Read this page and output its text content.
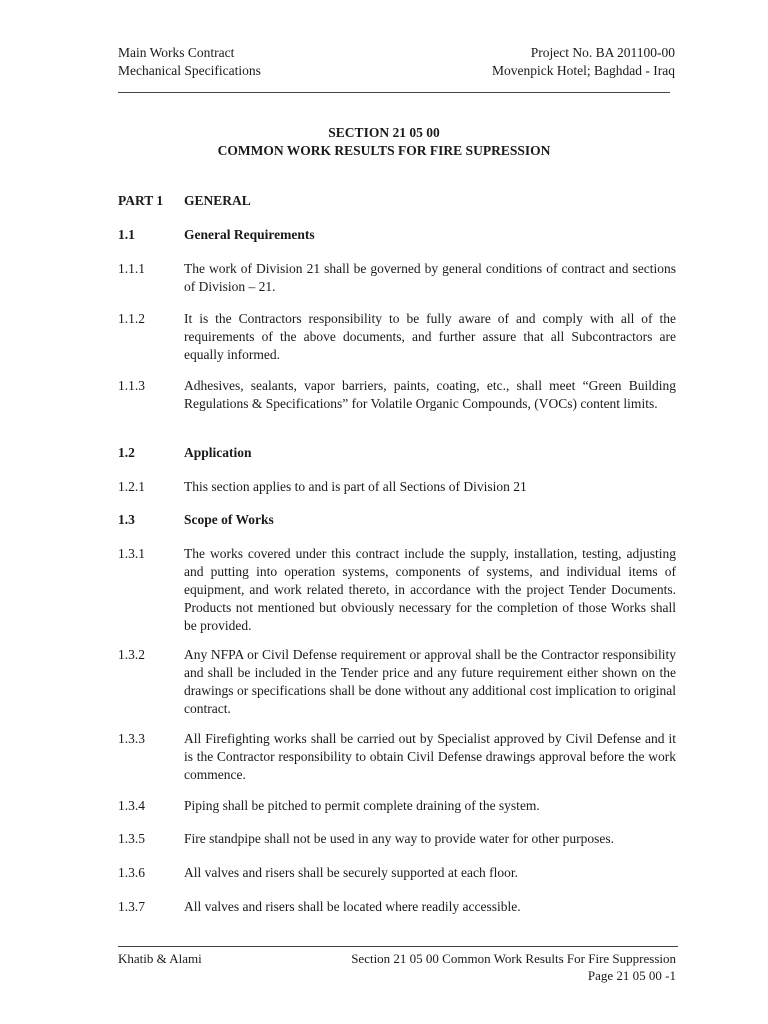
Main Works Contract
Mechanical Specifications
Project No. BA 201100-00
Movenpick Hotel; Baghdad - Iraq
SECTION 21 05 00
COMMON WORK RESULTS FOR FIRE SUPRESSION
PART 1 GENERAL
1.1	General Requirements
1.1.1	The work of Division 21 shall be governed by general conditions of contract and sections of Division – 21.
1.1.2	It is the Contractors responsibility to be fully aware of and comply with all of the requirements of the above documents, and further assure that all Subcontractors are equally informed.
1.1.3	Adhesives, sealants, vapor barriers, paints, coating, etc., shall meet “Green Building Regulations & Specifications” for Volatile Organic Compounds, (VOCs) content limits.
1.2	Application
1.2.1	This section applies to and is part of all Sections of Division 21
1.3	Scope of Works
1.3.1	The works covered under this contract include the supply, installation, testing, adjusting and putting into operation systems, components of systems, and individual items of equipment, and work related thereto, in accordance with the project Tender Documents. Products not mentioned but obviously necessary for the completion of those Works shall be provided.
1.3.2	Any NFPA or Civil Defense requirement or approval shall be the Contractor responsibility and shall be included in the Tender price and any future requirement either shown on the drawings or specifications shall be done without any additional cost implication to original contract.
1.3.3	All Firefighting works shall be carried out by Specialist approved by Civil Defense and it is the Contractor responsibility to obtain Civil Defense drawings approval before the work commence.
1.3.4	Piping shall be pitched to permit complete draining of the system.
1.3.5	Fire standpipe shall not be used in any way to provide water for other purposes.
1.3.6	All valves and risers shall be securely supported at each floor.
1.3.7	All valves and risers shall be located where readily accessible.
Khatib & Alami	Section 21 05 00 Common Work Results For Fire Suppression
Page 21 05 00 -1
